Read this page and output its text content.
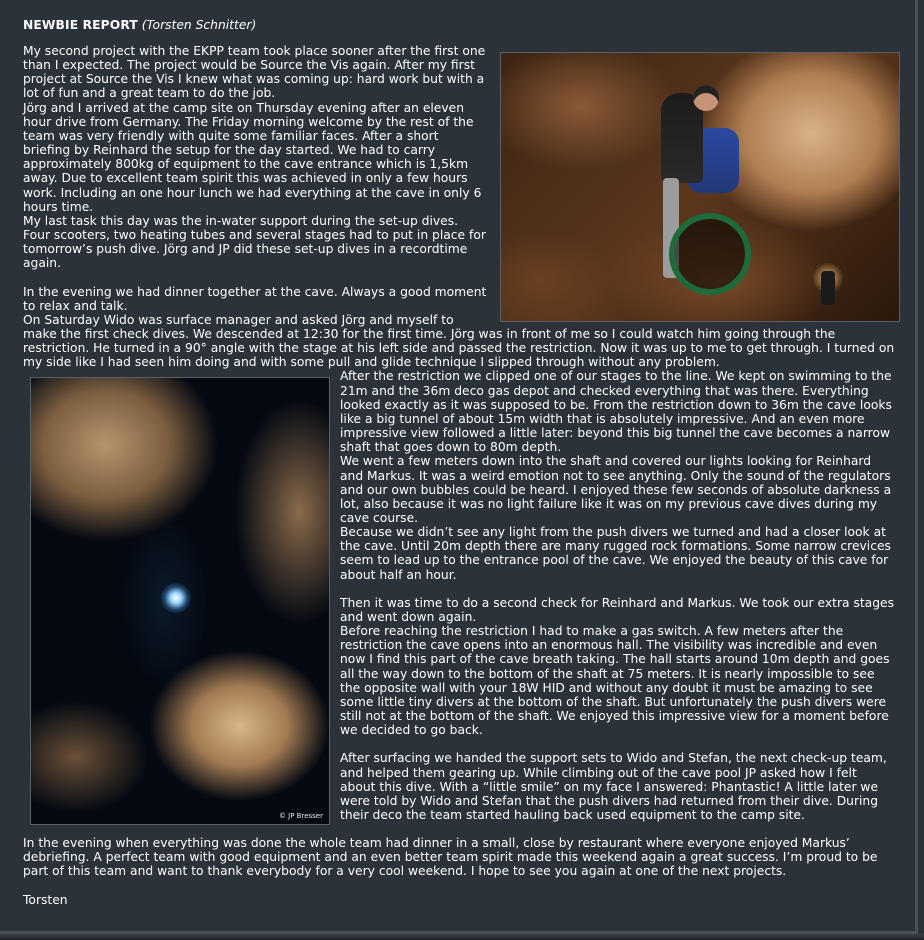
NEWBIE REPORT (Torsten Schnitter)

My second project with the EKPP team took place sooner after the first one than I expected. The project would be Source the Vis again. After my first project at Source the Vis I knew what was coming up: hard work but with a lot of fun and a great team to do the job.
Jörg and I arrived at the camp site on Thursday evening after an eleven hour drive from Germany. The Friday morning welcome by the rest of the team was very friendly with quite some familiar faces. After a short briefing by Reinhard the setup for the day started. We had to carry approximately 800kg of equipment to the cave entrance which is 1,5km away. Due to excellent team spirit this was achieved in only a few hours work. Including an one hour lunch we had everything at the cave in only 6 hours time.
My last task this day was the in-water support during the set-up dives. Four scooters, two heating tubes and several stages had to put in place for tomorrow’s push dive. Jörg and JP did these set-up dives in a recordtime again.

In the evening we had dinner together at the cave. Always a good moment to relax and talk.
On Saturday Wido was surface manager and asked Jörg and myself to make the first check dives. We descended at 12:30 for the first time. Jörg was in front of me so I could watch him going through the restriction. He turned in a 90° angle with the stage at his left side and passed the restriction. Now it was up to me to get through. I turned on my side like I had seen him doing and with some pull and glide technique I slipped through without any problem.

© JP Bresser

After the restriction we clipped one of our stages to the line. We kept on swimming to the 21m and the 36m deco gas depot and checked everything that was there. Everything looked exactly as it was supposed to be. From the restriction down to 36m the cave looks like a big tunnel of about 15m width that is absolutely impressive. And an even more impressive view followed a little later: beyond this big tunnel the cave becomes a narrow shaft that goes down to 80m depth.
We went a few meters down into the shaft and covered our lights looking for Reinhard and Markus. It was a weird emotion not to see anything. Only the sound of the regulators and our own bubbles could be heard. I enjoyed these few seconds of absolute darkness a lot, also because it was no light failure like it was on my previous cave dives during my cave course.
Because we didn’t see any light from the push divers we turned and had a closer look at the cave. Until 20m depth there are many rugged rock formations. Some narrow crevices seem to lead up to the entrance pool of the cave. We enjoyed the beauty of this cave for about half an hour.

Then it was time to do a second check for Reinhard and Markus. We took our extra stages and went down again.
Before reaching the restriction I had to make a gas switch. A few meters after the restriction the cave opens into an enormous hall. The visibility was incredible and even now I find this part of the cave breath taking. The hall starts around 10m depth and goes all the way down to the bottom of the shaft at 75 meters. It is nearly impossible to see the opposite wall with your 18W HID and without any doubt it must be amazing to see some little tiny divers at the bottom of the shaft. But unfortunately the push divers were still not at the bottom of the shaft. We enjoyed this impressive view for a moment before we decided to go back.

After surfacing we handed the support sets to Wido and Stefan, the next check-up team, and helped them gearing up. While climbing out of the cave pool JP asked how I felt about this dive. With a “little smile” on my face I answered: Phantastic! A little later we were told by Wido and Stefan that the push divers had returned from their dive. During their deco the team started hauling back used equipment to the camp site.

In the evening when everything was done the whole team had dinner in a small, close by restaurant where everyone enjoyed Markus’ debriefing. A perfect team with good equipment and an even better team spirit made this weekend again a great success. I’m proud to be part of this team and want to thank everybody for a very cool weekend. I hope to see you again at one of the next projects.

Torsten
